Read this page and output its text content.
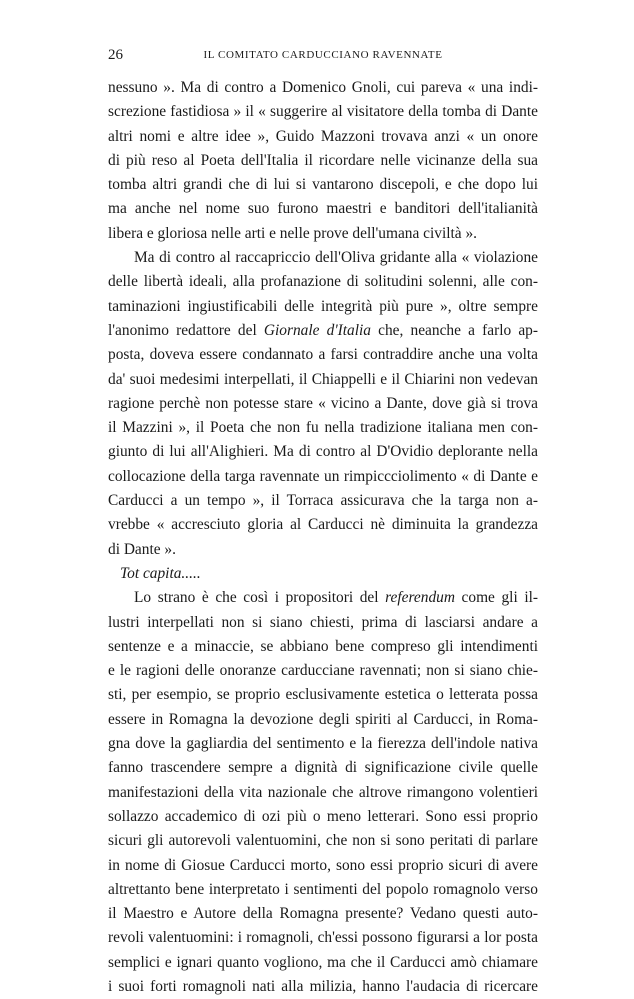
26	IL COMITATO CARDUCCIANO RAVENNATE
nessuno ». Ma di contro a Domenico Gnoli, cui pareva « una indi-
screzione fastidiosa » il « suggerire al visitatore della tomba di Dante
altri nomi e altre idee », Guido Mazzoni trovava anzi « un onore
di più reso al Poeta dell'Italia il ricordare nelle vicinanze della sua
tomba altri grandi che di lui si vantarono discepoli, e che dopo lui
ma anche nel nome suo furono maestri e banditori dell'italianità
libera e gloriosa nelle arti e nelle prove dell'umana civiltà ».
Ma di contro al raccapriccio dell'Oliva gridante alla « violazione
delle libertà ideali, alla profanazione di solitudini solenni, alle con-
taminazioni ingiustificabili delle integrità più pure », oltre sempre
l'anonimo redattore del Giornale d'Italia che, neanche a farlo ap-
posta, doveva essere condannato a farsi contraddire anche una volta
da' suoi medesimi interpellati, il Chiappelli e il Chiarini non vedevan
ragione perchè non potesse stare « vicino a Dante, dove già si trova
il Mazzini », il Poeta che non fu nella tradizione italiana men con-
giunto di lui all'Alighieri. Ma di contro al D'Ovidio deplorante nella
collocazione della targa ravennate un rimpiccciolimento « di Dante e
Carducci a un tempo », il Torraca assicurava che la targa non a-
vrebbe « accresciuto gloria al Carducci nè diminuita la grandezza
di Dante ».
Tot capita.....
Lo strano è che così i propositori del referendum come gli il-
lustri interpellati non si siano chiesti, prima di lasciarsi andare a
sentenze e a minaccie, se abbiano bene compreso gli intendimenti
e le ragioni delle onoranze carducciane ravennati; non si siano chie-
sti, per esempio, se proprio esclusivamente estetica o letterata possa
essere in Romagna la devozione degli spiriti al Carducci, in Roma-
gna dove la gagliardia del sentimento e la fierezza dell'indole nativa
fanno trascendere sempre a dignità di significazione civile quelle
manifestazioni della vita nazionale che altrove rimangono volentieri
sollazzo accademico di ozi più o meno letterari. Sono essi proprio
sicuri gli autorevoli valentuomini, che non si sono peritati di parlare
in nome di Giosue Carducci morto, sono essi proprio sicuri di avere
altrettanto bene interpretato i sentimenti del popolo romagnolo verso
il Maestro e Autore della Romagna presente? Vedano questi auto-
revoli valentuomini: i romagnoli, ch'essi possono figurarsi a lor posta
semplici e ignari quanto vogliono, ma che il Carducci amò chiamare
i suoi forti romagnoli nati alla milizia, hanno l'audacia di ricercare
